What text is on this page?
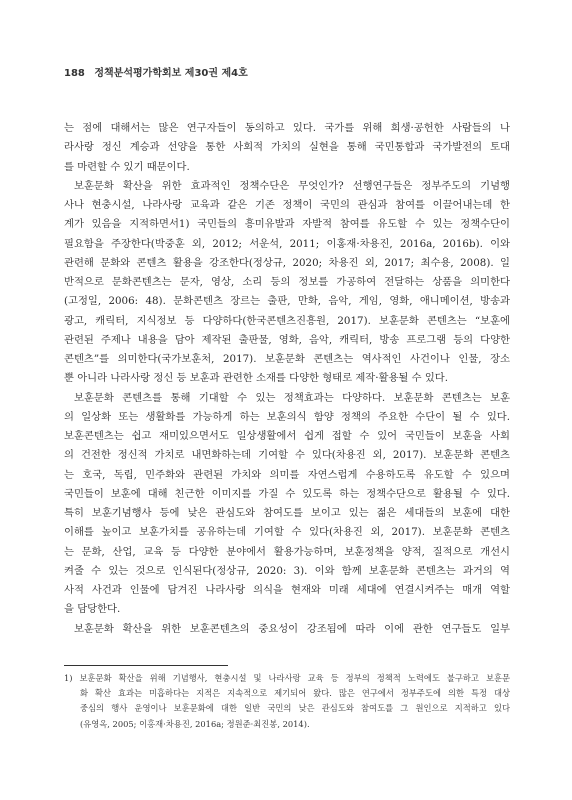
188 정책분석평가학회보 제30권 제4호
는 점에 대해서는 많은 연구자들이 동의하고 있다. 국가를 위해 희생·공헌한 사람들의 나
라사랑 정신 계승과 선양을 통한 사회적 가치의 실현을 통해 국민통합과 국가발전의 토대
를 마련할 수 있기 때문이다.
보훈문화 확산을 위한 효과적인 정책수단은 무엇인가? 선행연구들은 정부주도의 기념행
사나 현충시설, 나라사랑 교육과 같은 기존 정책이 국민의 관심과 참여를 이끌어내는데 한
계가 있음을 지적하면서1) 국민들의 흥미유발과 자발적 참여를 유도할 수 있는 정책수단이
필요함을 주장한다(박중훈 외, 2012; 서운석, 2011; 이홍재·차용진, 2016a, 2016b). 이와
관련해 문화와 콘텐츠 활용을 강조한다(정상규, 2020; 차용진 외, 2017; 최수용, 2008). 일
반적으로 문화콘텐츠는 문자, 영상, 소리 등의 정보를 가공하여 전달하는 상품을 의미한다
(고정일, 2006: 48). 문화콘텐츠 장르는 출판, 만화, 음악, 게임, 영화, 애니메이션, 방송과
광고, 캐릭터, 지식정보 등 다양하다(한국콘텐츠진흥원, 2017). 보훈문화 콘텐츠는 “보훈에
관련된 주제나 내용을 담아 제작된 출판물, 영화, 음악, 캐릭터, 방송 프로그램 등의 다양한
콘텐츠”를 의미한다(국가보훈처, 2017). 보훈문화 콘텐츠는 역사적인 사건이나 인물, 장소
뿐 아니라 나라사랑 정신 등 보훈과 관련한 소재를 다양한 형태로 제작·활용될 수 있다.
보훈문화 콘텐츠를 통해 기대할 수 있는 정책효과는 다양하다. 보훈문화 콘텐츠는 보훈
의 일상화 또는 생활화를 가능하게 하는 보훈의식 함양 정책의 주요한 수단이 될 수 있다.
보훈콘텐츠는 쉽고 재미있으면서도 일상생활에서 쉽게 접할 수 있어 국민들이 보훈을 사회
의 건전한 정신적 가치로 내면화하는데 기여할 수 있다(차용진 외, 2017). 보훈문화 콘텐츠
는 호국, 독립, 민주화와 관련된 가치와 의미를 자연스럽게 수용하도록 유도할 수 있으며
국민들이 보훈에 대해 친근한 이미지를 가질 수 있도록 하는 정책수단으로 활용될 수 있다.
특히 보훈기념행사 등에 낮은 관심도와 참여도를 보이고 있는 젊은 세대들의 보훈에 대한
이해를 높이고 보훈가치를 공유하는데 기여할 수 있다(차용진 외, 2017). 보훈문화 콘텐츠
는 문화, 산업, 교육 등 다양한 분야에서 활용가능하며, 보훈정책을 양적, 질적으로 개선시
켜줄 수 있는 것으로 인식된다(정상규, 2020: 3). 이와 함께 보훈문화 콘텐츠는 과거의 역
사적 사건과 인물에 담겨진 나라사랑 의식을 현재와 미래 세대에 연결시켜주는 매개 역할
을 담당한다.
보훈문화 확산을 위한 보훈콘텐츠의 중요성이 강조됨에 따라 이에 관한 연구들도 일부
1) 보훈문화 확산을 위해 기념행사, 현충시설 및 나라사랑 교육 등 정부의 정책적 노력에도 불구하고 보훈문
화 확산 효과는 미흡하다는 지적은 지속적으로 제기되어 왔다. 많은 연구에서 정부주도에 의한 특정 대상
중심의 행사 운영이나 보훈문화에 대한 일반 국민의 낮은 관심도와 참여도를 그 원인으로 지적하고 있다
(유영옥, 2005; 이홍재·차용진, 2016a; 정원준·최진봉, 2014).
